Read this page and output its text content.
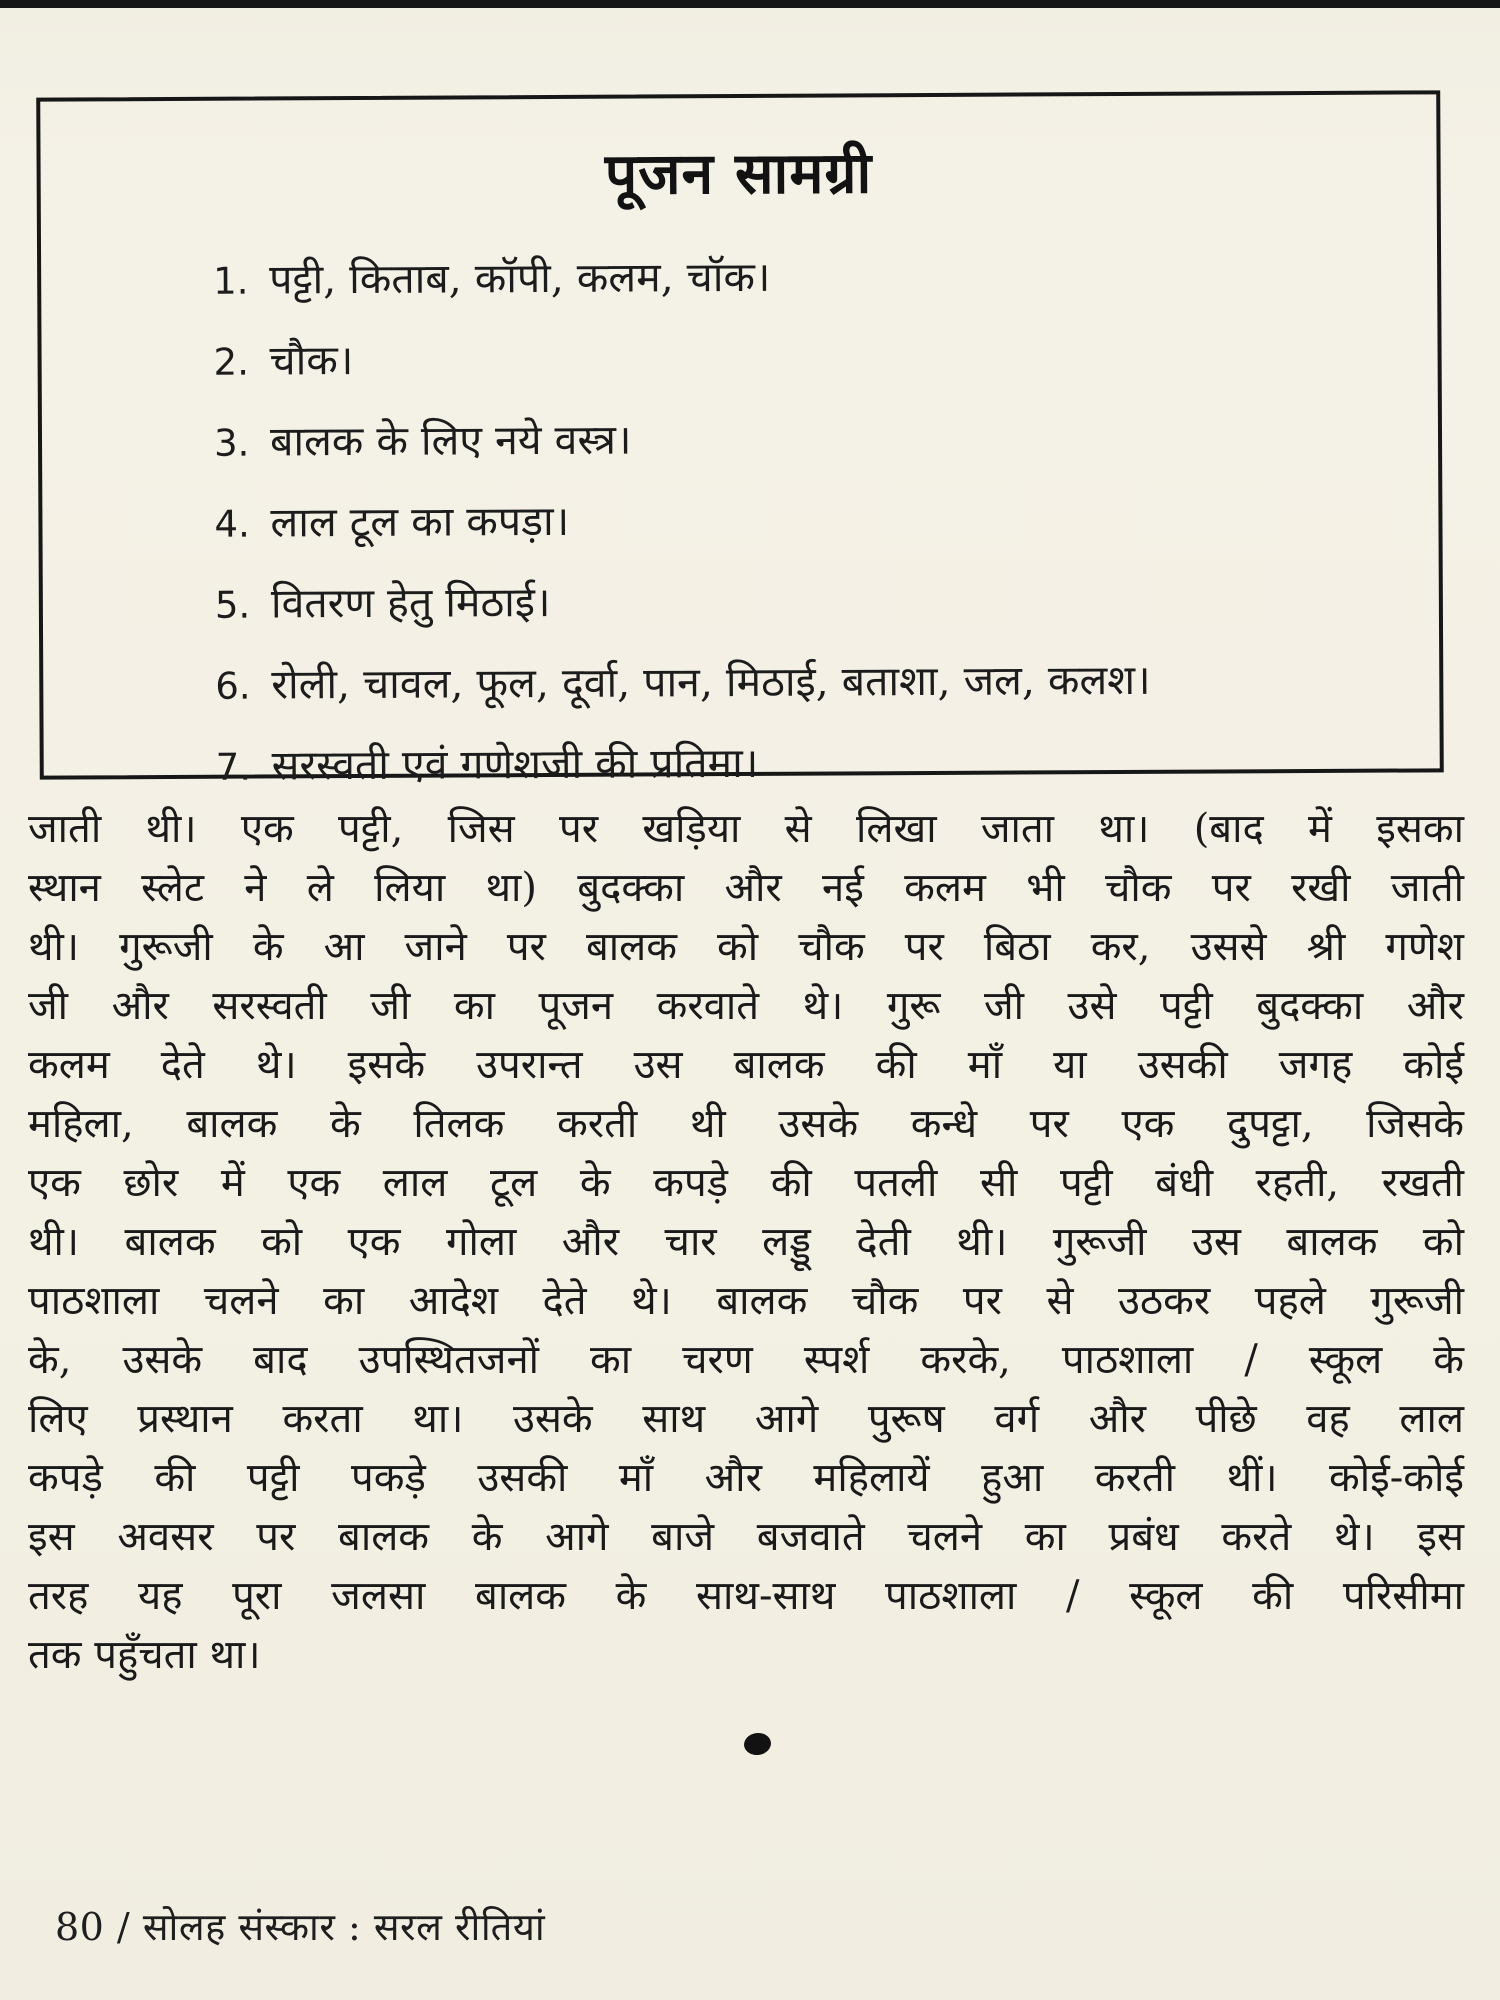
पूजन सामग्री
1. पट्टी, किताब, कॉपी, कलम, चॉक।
2. चौक।
3. बालक के लिए नये वस्त्र।
4. लाल टूल का कपड़ा।
5. वितरण हेतु मिठाई।
6. रोली, चावल, फूल, दूर्वा, पान, मिठाई, बताशा, जल, कलश।
7. सरस्वती एवं गणेशजी की प्रतिमा।
जाती थी। एक पट्टी, जिस पर खड़िया से लिखा जाता था। (बाद में इसका
स्थान स्लेट ने ले लिया था) बुदक्का और नई कलम भी चौक पर रखी जाती
थी। गुरूजी के आ जाने पर बालक को चौक पर बिठा कर, उससे श्री गणेश
जी और सरस्वती जी का पूजन करवाते थे। गुरू जी उसे पट्टी बुदक्का और
कलम देते थे। इसके उपरान्त उस बालक की माँ या उसकी जगह कोई
महिला, बालक के तिलक करती थी उसके कन्धे पर एक दुपट्टा, जिसके
एक छोर में एक लाल टूल के कपड़े की पतली सी पट्टी बंधी रहती, रखती
थी। बालक को एक गोला और चार लड्डू देती थी। गुरूजी उस बालक को
पाठशाला चलने का आदेश देते थे। बालक चौक पर से उठकर पहले गुरूजी
के, उसके बाद उपस्थितजनों का चरण स्पर्श करके, पाठशाला / स्कूल के
लिए प्रस्थान करता था। उसके साथ आगे पुरूष वर्ग और पीछे वह लाल
कपड़े की पट्टी पकड़े उसकी माँ और महिलायें हुआ करती थीं। कोई-कोई
इस अवसर पर बालक के आगे बाजे बजवाते चलने का प्रबंध करते थे। इस
तरह यह पूरा जलसा बालक के साथ-साथ पाठशाला / स्कूल की परिसीमा
तक पहुँचता था।
80 / सोलह संस्कार : सरल रीतियां
